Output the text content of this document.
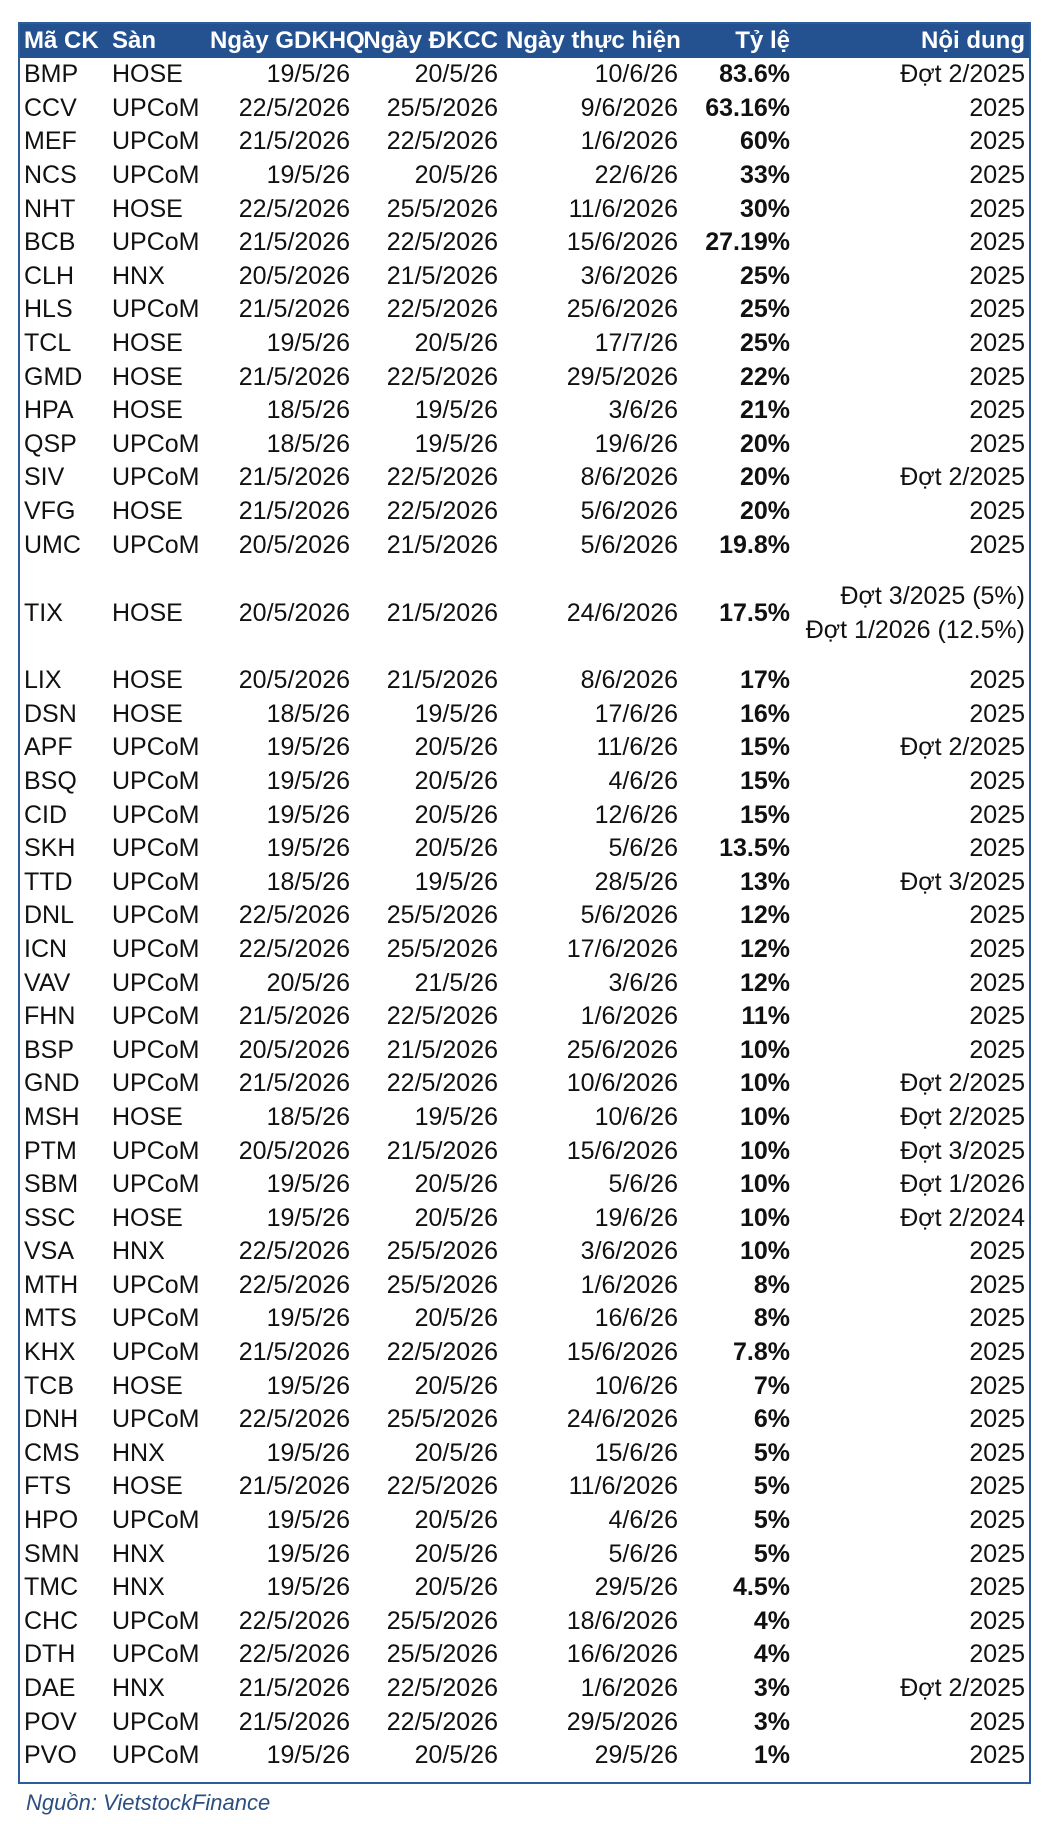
Mã CK	Sàn	Ngày GDKHQ	Ngày ĐKCC	Ngày thực hiện	Tỷ lệ	Nội dung
BMP	HOSE	19/5/26	20/5/26	10/6/26	83.6%	Đợt 2/2025
CCV	UPCoM	22/5/2026	25/5/2026	9/6/2026	63.16%	2025
MEF	UPCoM	21/5/2026	22/5/2026	1/6/2026	60%	2025
NCS	UPCoM	19/5/26	20/5/26	22/6/26	33%	2025
NHT	HOSE	22/5/2026	25/5/2026	11/6/2026	30%	2025
BCB	UPCoM	21/5/2026	22/5/2026	15/6/2026	27.19%	2025
CLH	HNX	20/5/2026	21/5/2026	3/6/2026	25%	2025
HLS	UPCoM	21/5/2026	22/5/2026	25/6/2026	25%	2025
TCL	HOSE	19/5/26	20/5/26	17/7/26	25%	2025
GMD	HOSE	21/5/2026	22/5/2026	29/5/2026	22%	2025
HPA	HOSE	18/5/26	19/5/26	3/6/26	21%	2025
QSP	UPCoM	18/5/26	19/5/26	19/6/26	20%	2025
SIV	UPCoM	21/5/2026	22/5/2026	8/6/2026	20%	Đợt 2/2025
VFG	HOSE	21/5/2026	22/5/2026	5/6/2026	20%	2025
UMC	UPCoM	20/5/2026	21/5/2026	5/6/2026	19.8%	2025
TIX	HOSE	20/5/2026	21/5/2026	24/6/2026	17.5%	Đợt 3/2025 (5%) Đợt 1/2026 (12.5%)
LIX	HOSE	20/5/2026	21/5/2026	8/6/2026	17%	2025
DSN	HOSE	18/5/26	19/5/26	17/6/26	16%	2025
APF	UPCoM	19/5/26	20/5/26	11/6/26	15%	Đợt 2/2025
BSQ	UPCoM	19/5/26	20/5/26	4/6/26	15%	2025
CID	UPCoM	19/5/26	20/5/26	12/6/26	15%	2025
SKH	UPCoM	19/5/26	20/5/26	5/6/26	13.5%	2025
TTD	UPCoM	18/5/26	19/5/26	28/5/26	13%	Đợt 3/2025
DNL	UPCoM	22/5/2026	25/5/2026	5/6/2026	12%	2025
ICN	UPCoM	22/5/2026	25/5/2026	17/6/2026	12%	2025
VAV	UPCoM	20/5/26	21/5/26	3/6/26	12%	2025
FHN	UPCoM	21/5/2026	22/5/2026	1/6/2026	11%	2025
BSP	UPCoM	20/5/2026	21/5/2026	25/6/2026	10%	2025
GND	UPCoM	21/5/2026	22/5/2026	10/6/2026	10%	Đợt 2/2025
MSH	HOSE	18/5/26	19/5/26	10/6/26	10%	Đợt 2/2025
PTM	UPCoM	20/5/2026	21/5/2026	15/6/2026	10%	Đợt 3/2025
SBM	UPCoM	19/5/26	20/5/26	5/6/26	10%	Đợt 1/2026
SSC	HOSE	19/5/26	20/5/26	19/6/26	10%	Đợt 2/2024
VSA	HNX	22/5/2026	25/5/2026	3/6/2026	10%	2025
MTH	UPCoM	22/5/2026	25/5/2026	1/6/2026	8%	2025
MTS	UPCoM	19/5/26	20/5/26	16/6/26	8%	2025
KHX	UPCoM	21/5/2026	22/5/2026	15/6/2026	7.8%	2025
TCB	HOSE	19/5/26	20/5/26	10/6/26	7%	2025
DNH	UPCoM	22/5/2026	25/5/2026	24/6/2026	6%	2025
CMS	HNX	19/5/26	20/5/26	15/6/26	5%	2025
FTS	HOSE	21/5/2026	22/5/2026	11/6/2026	5%	2025
HPO	UPCoM	19/5/26	20/5/26	4/6/26	5%	2025
SMN	HNX	19/5/26	20/5/26	5/6/26	5%	2025
TMC	HNX	19/5/26	20/5/26	29/5/26	4.5%	2025
CHC	UPCoM	22/5/2026	25/5/2026	18/6/2026	4%	2025
DTH	UPCoM	22/5/2026	25/5/2026	16/6/2026	4%	2025
DAE	HNX	21/5/2026	22/5/2026	1/6/2026	3%	Đợt 2/2025
POV	UPCoM	21/5/2026	22/5/2026	29/5/2026	3%	2025
PVO	UPCoM	19/5/26	20/5/26	29/5/26	1%	2025
Nguồn: VietstockFinance
